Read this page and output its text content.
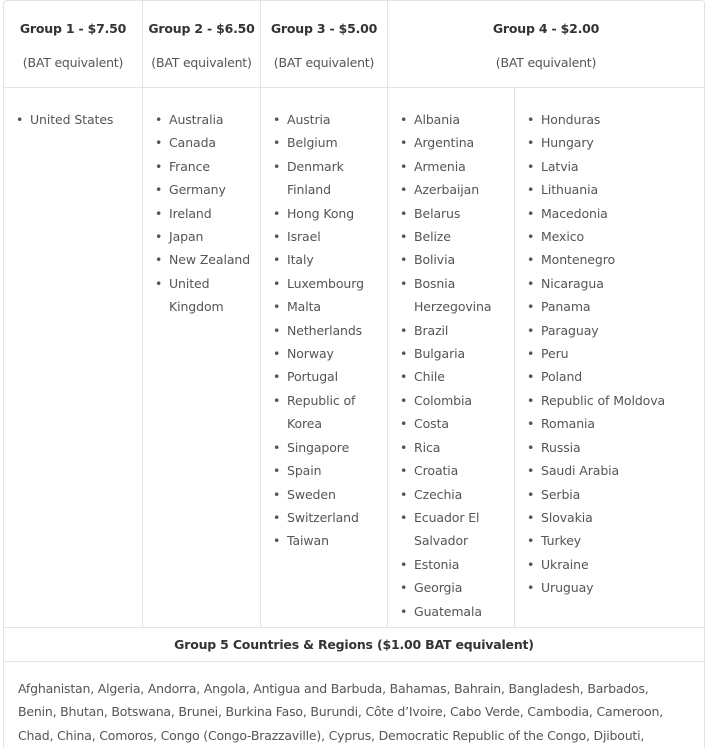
Group 1 - $7.50
(BAT equivalent)
Group 2 - $6.50
(BAT equivalent)
Group 3 - $5.00
(BAT equivalent)
Group 4 - $2.00
(BAT equivalent)
• United States
•	Australia
• Canada
• France
• Germany
• Ireland
• Japan
• New Zealand
• United Kingdom
• Austria
• Belgium
• Denmark Finland
• Hong Kong
• Israel
• Italy
• Luxembourg
• Malta
• Netherlands
• Norway
• Portugal
• Republic of Korea
• Singapore
• Spain
• Sweden
• Switzerland
• Taiwan
• Albania
• Argentina
• Armenia
• Azerbaijan
• Belarus
• Belize
• Bolivia
• Bosnia Herzegovina
• Brazil
• Bulgaria
• Chile
• Colombia
• Costa
• Rica
• Croatia
• Czechia
• Ecuador El Salvador
• Estonia
• Georgia
• Guatemala
• Honduras
• Hungary
• Latvia
• Lithuania
• Macedonia
• Mexico
• Montenegro
• Nicaragua
• Panama
• Paraguay
• Peru
• Poland
• Republic of Moldova
• Romania
• Russia
• Saudi Arabia
• Serbia
• Slovakia
• Turkey
• Ukraine
• Uruguay
Group 5 Countries & Regions ($1.00 BAT equivalent)
Afghanistan, Algeria, Andorra, Angola, Antigua and Barbuda, Bahamas, Bahrain, Bangladesh, Barbados, Benin, Bhutan, Botswana, Brunei, Burkina Faso, Burundi, Côte d’Ivoire, Cabo Verde, Cambodia, Cameroon, Chad, China, Comoros, Congo (Congo-Brazzaville), Cyprus, Democratic Republic of the Congo, Djibouti,
